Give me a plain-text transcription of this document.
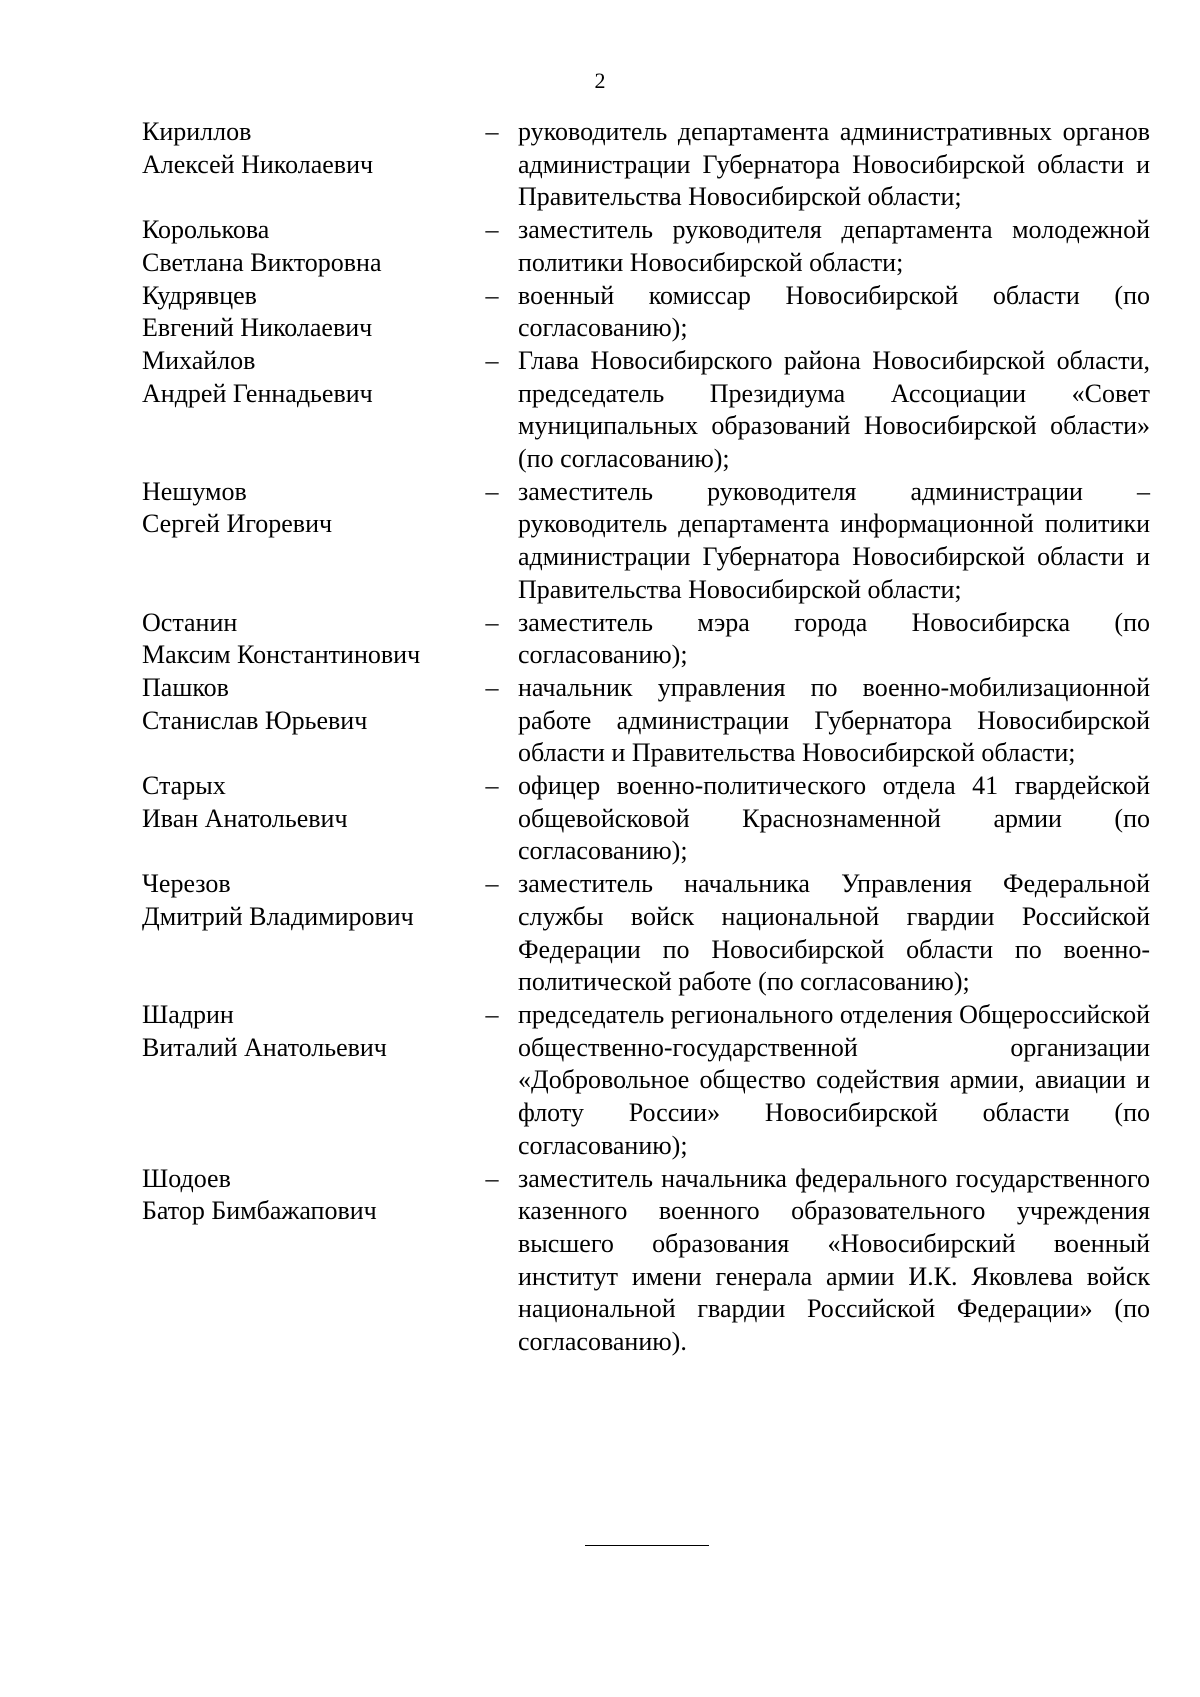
2
Кириллов
Алексей Николаевич
– руководитель департамента административных органов администрации Губернатора Новосибирской области и Правительства Новосибирской области;
Королькова
Светлана Викторовна
– заместитель руководителя департамента молодежной политики Новосибирской области;
Кудрявцев
Евгений Николаевич
– военный комиссар Новосибирской области (по согласованию);
Михайлов
Андрей Геннадьевич
– Глава Новосибирского района Новосибирской области, председатель Президиума Ассоциации «Совет муниципальных образований Новосибирской области» (по согласованию);
Нешумов
Сергей Игоревич
– заместитель руководителя администрации – руководитель департамента информационной политики администрации Губернатора Новосибирской области и Правительства Новосибирской области;
Останин
Максим Константинович
– заместитель мэра города Новосибирска (по согласованию);
Пашков
Станислав Юрьевич
– начальник управления по военно-мобилизационной работе администрации Губернатора Новосибирской области и Правительства Новосибирской области;
Старых
Иван Анатольевич
– офицер военно-политического отдела 41 гвардейской общевойсковой Краснознаменной армии (по согласованию);
Черезов
Дмитрий Владимирович
– заместитель начальника Управления Федеральной службы войск национальной гвардии Российской Федерации по Новосибирской области по военно-политической работе (по согласованию);
Шадрин
Виталий Анатольевич
– председатель регионального отделения Общероссийской общественно-государственной организации «Добровольное общество содействия армии, авиации и флоту России» Новосибирской области (по согласованию);
Шодоев
Батор Бимбажапович
– заместитель начальника федерального государственного казенного военного образовательного учреждения высшего образования «Новосибирский военный институт имени генерала армии И.К. Яковлева войск национальной гвардии Российской Федерации» (по согласованию).
